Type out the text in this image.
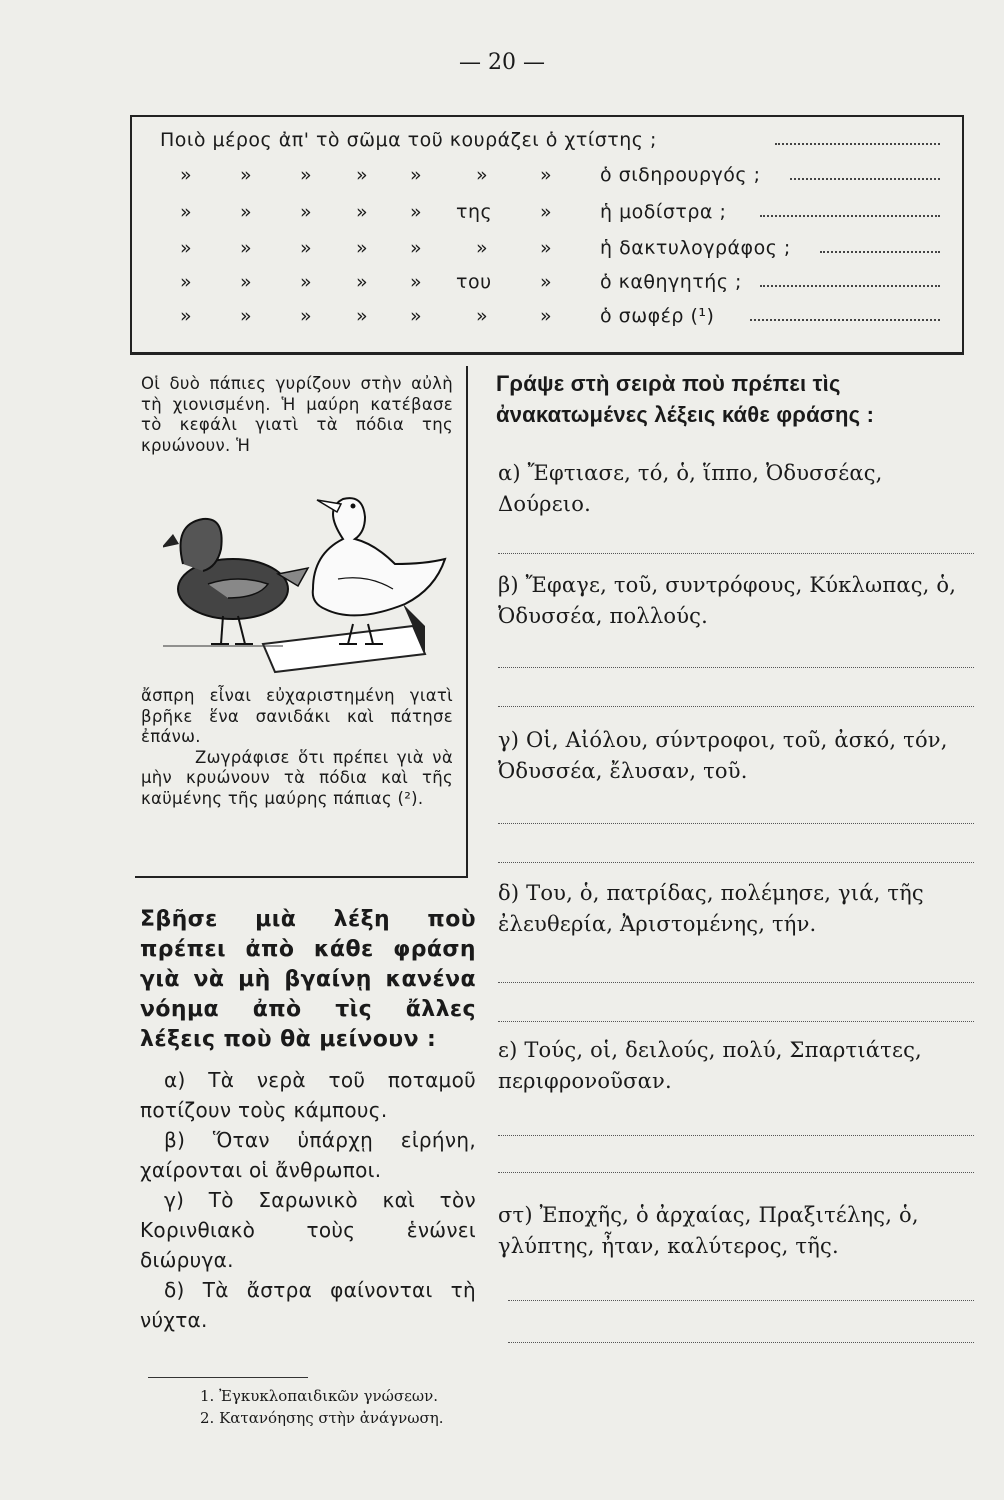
— 20 —
Ποιὸ μέρος ἀπ' τὸ σῶμα τοῦ κουράζει ὁ χτίστης ;
»	»	» » »	»	»	ὁ σιδηρουργός ;
»	»	» » » της	»	ἡ μοδίστρα ;
»	»	» » »	»	»	ἡ δακτυλογράφος ;
»	»	» » » του	»	ὁ καθηγητής ;
»	»	» » »	»	»	ὁ σωφέρ (¹)
Οἱ δυὸ πάπιες γυρίζουν στὴν αὐλὴ τὴ χιονισμένη. Ἡ μαύρη κατέβασε τὸ κεφάλι γιατὶ τὰ πόδια της κρυώνουν. Ἡ
ἄσπρη εἶναι εὐχαριστημένη γιατὶ βρῆκε ἕνα σανιδάκι καὶ πάτησε ἐπάνω.
Ζωγράφισε ὅτι πρέπει γιὰ νὰ μὴν κρυώνουν τὰ πόδια καὶ τῆς καϋμένης τῆς μαύρης πάπιας (²).
Σβῆσε μιὰ λέξη ποὺ πρέπει ἀπὸ κάθε φράση γιὰ νὰ μὴ βγαίνῃ κανένα νόημα ἀπὸ τὶς ἄλλες λέξεις ποὺ θὰ μείνουν :
α) Τὰ νερὰ τοῦ ποταμοῦ ποτίζουν τοὺς κάμπους.
β) Ὅταν ὑπάρχῃ εἰρήνη, χαίρονται οἱ ἄνθρωποι.
γ) Τὸ Σαρωνικὸ καὶ τὸν Κορινθιακὸ τοὺς ἑνώνει διώρυγα.
δ) Τὰ ἄστρα φαίνονται τὴ νύχτα.
Γράψε στὴ σειρὰ ποὺ πρέπει τὶς ἀνακατωμένες λέξεις κάθε φράσης :
α) Ἔφτιασε, τό, ὁ, ἵππο, Ὀδυσσέας, Δούρειο.
β) Ἔφαγε, τοῦ, συντρόφους, Κύκλωπας, ὁ, Ὀδυσσέα, πολλούς.
γ) Οἱ, Αἰόλου, σύντροφοι, τοῦ, ἀσκό, τόν, Ὀδυσσέα, ἔλυσαν, τοῦ.
δ) Του, ὁ, πατρίδας, πολέμησε, γιά, τῆς ἐλευθερία, Ἀριστομένης, τήν.
ε) Τούς, οἱ, δειλούς, πολύ, Σπαρτιάτες, περιφρονοῦσαν.
στ) Ἐποχῆς, ὁ ἀρχαίας, Πραξιτέλης, ὁ, γλύπτης, ἦταν, καλύτερος, τῆς.
1. Ἐγκυκλοπαιδικῶν γνώσεων.
2. Κατανόησης στὴν ἀνάγνωση.
